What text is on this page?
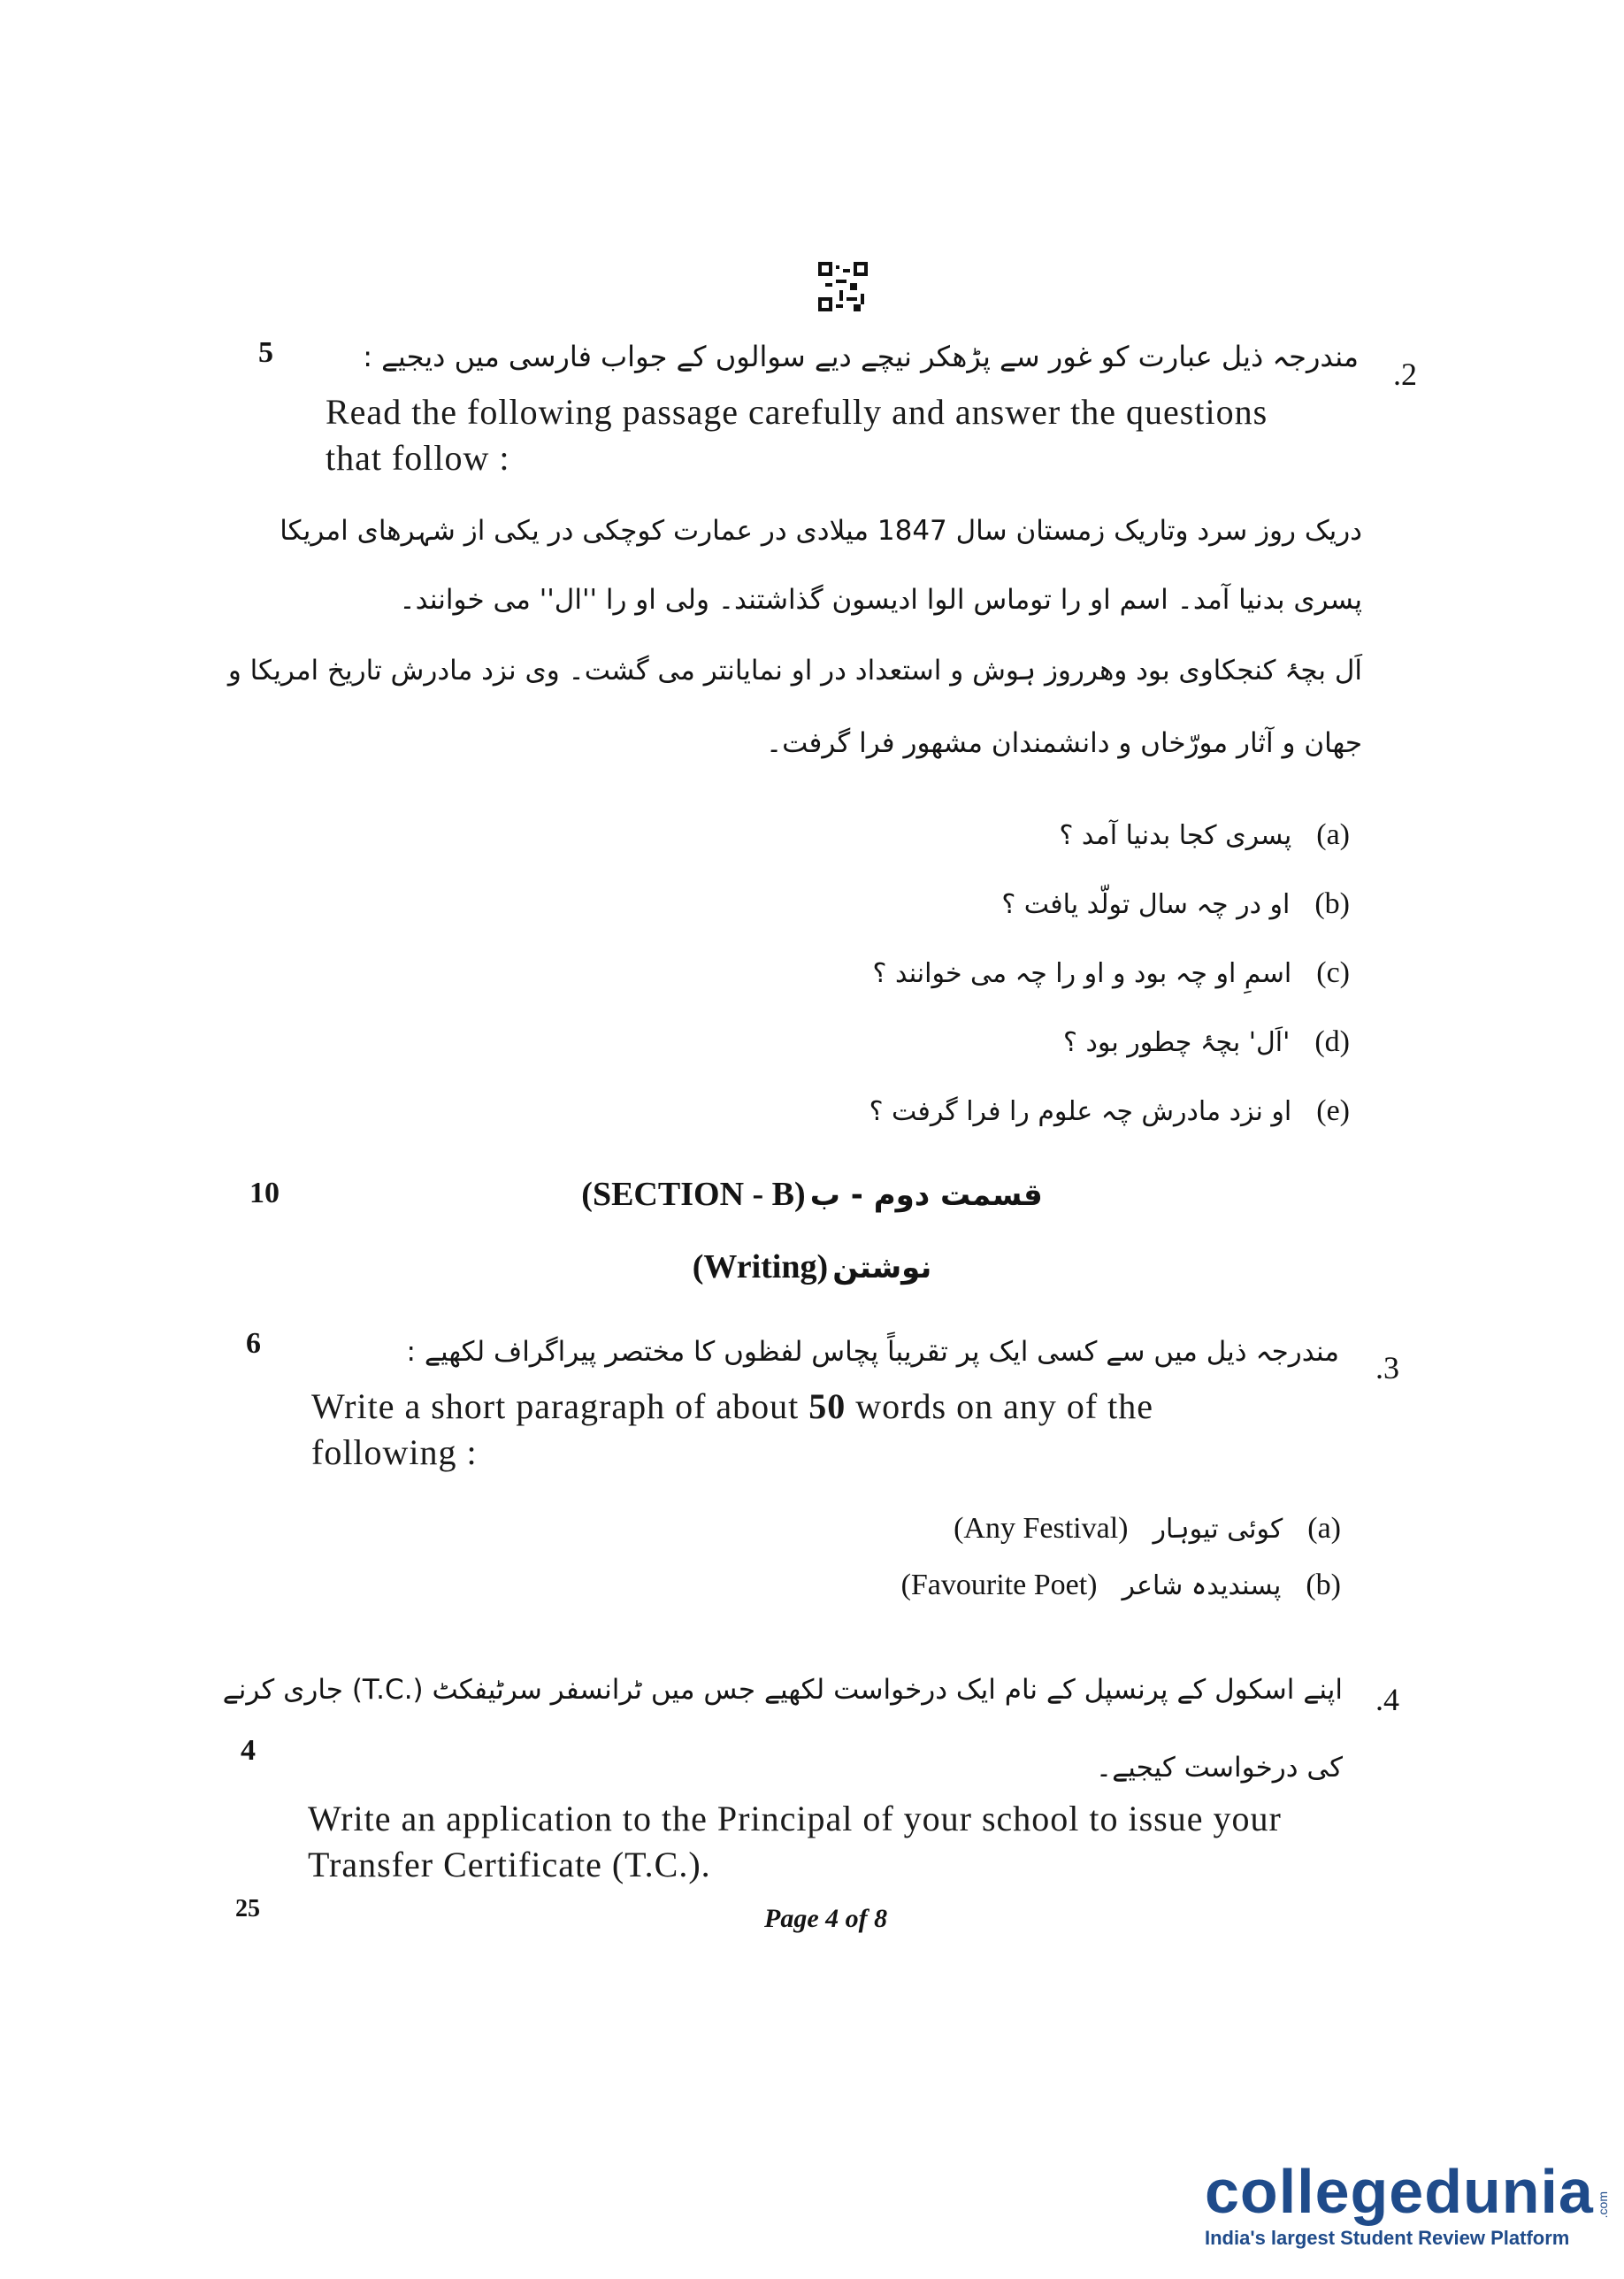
5
.2
مندرجہ ذیل عبارت کو غور سے پڑھکر نیچے دیے سوالوں کے جواب فارسی میں دیجیے :
Read the following passage carefully and answer the questions
that follow :
دریک روز سرد وتاریک زمستان سال 1847 میلادی در عمارت کوچکی در یکی از شہرھای امریکا
پسری بدنیا آمد۔ اسم او را توماس الوا ادیسون گذاشتند۔ ولی او را ''ال'' می خوانند۔
اَل بچۂ کنجکاوی بود وھرروز ہوش و استعداد در او نمایانتر می گشت۔ وی نزد مادرش تاریخ امریکا و
جھان و آثار مورّخاں و دانشمندان مشھور فرا گرفت۔
پسری کجا بدنیا آمد ؟ (a)
او در چہ سال تولّد یافت ؟ (b)
اسمِ او چہ بود و او را چہ می خوانند ؟ (c)
'اَل' بچۂ چطور بود ؟ (d)
او نزد مادرش چہ علوم را فرا گرفت ؟ (e)
10	(SECTION - B) قسمت دوم - ب
(Writing) نوشتن
6
.3
مندرجہ ذیل میں سے کسی ایک پر تقریباً پچاس لفظوں کا مختصر پیراگراف لکھیے :
Write a short paragraph of about 50 words on any of the
following :
(Any Festival) کوئی تیوہار (a)
(Favourite Poet) پسندیدہ شاعر (b)
.4
اپنے اسکول کے پرنسپل کے نام ایک درخواست لکھیے جس میں ٹرانسفر سرٹیفکٹ (.T.C) جاری کرنے
4
کی درخواست کیجیے۔
Write an application to the Principal of your school to issue your
Transfer Certificate (T.C.).
25	Page 4 of 8
collegedunia .com
India's largest Student Review Platform
